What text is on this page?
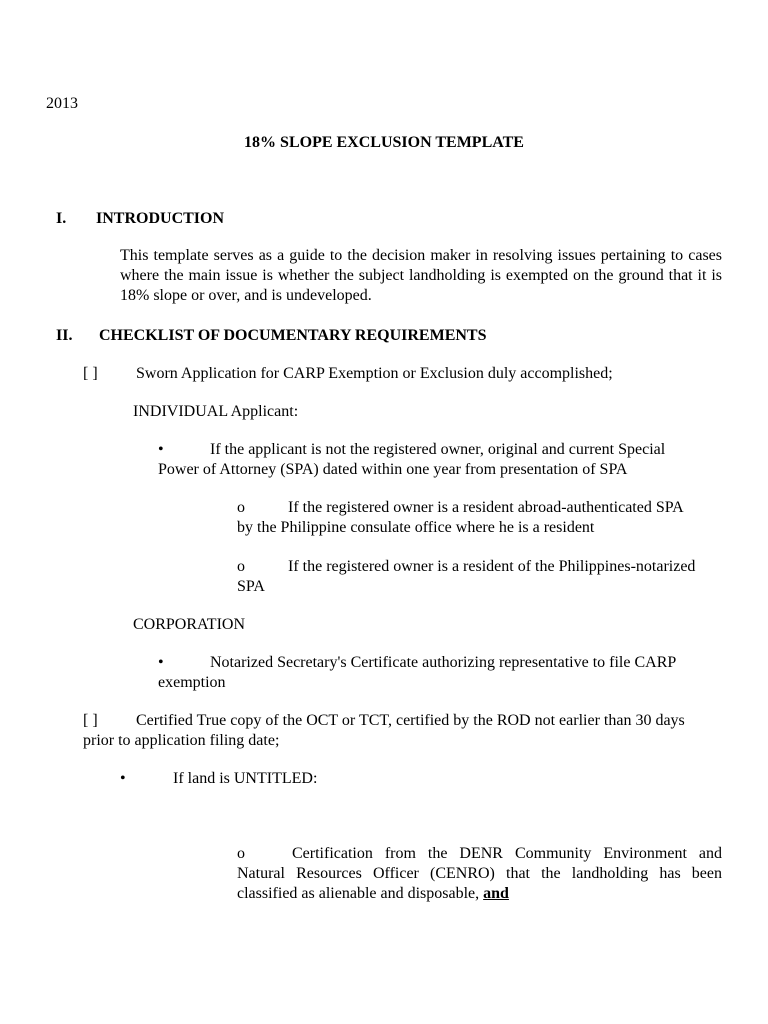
2013
18% SLOPE EXCLUSION TEMPLATE
I. INTRODUCTION
This template serves as a guide to the decision maker in resolving issues pertaining to cases where the main issue is whether the subject landholding is exempted on the ground that it is 18% slope or over, and is undeveloped.
II. CHECKLIST OF DOCUMENTARY REQUIREMENTS
[ ] Sworn Application for CARP Exemption or Exclusion duly accomplished;
INDIVIDUAL Applicant:
•	If the applicant is not the registered owner, original and current Special
Power of Attorney (SPA) dated within one year from presentation of SPA
o	If the registered owner is a resident abroad-authenticated SPA
by the Philippine consulate office where he is a resident
o	If the registered owner is a resident of the Philippines-notarized
SPA
CORPORATION
•	Notarized Secretary's Certificate authorizing representative to file CARP
exemption
[ ] Certified True copy of the OCT or TCT, certified by the ROD not earlier than 30 days
prior to application filing date;
•	If land is UNTITLED:
o	Certification from the DENR Community Environment and Natural Resources Officer (CENRO) that the landholding has been classified as alienable and disposable, and
